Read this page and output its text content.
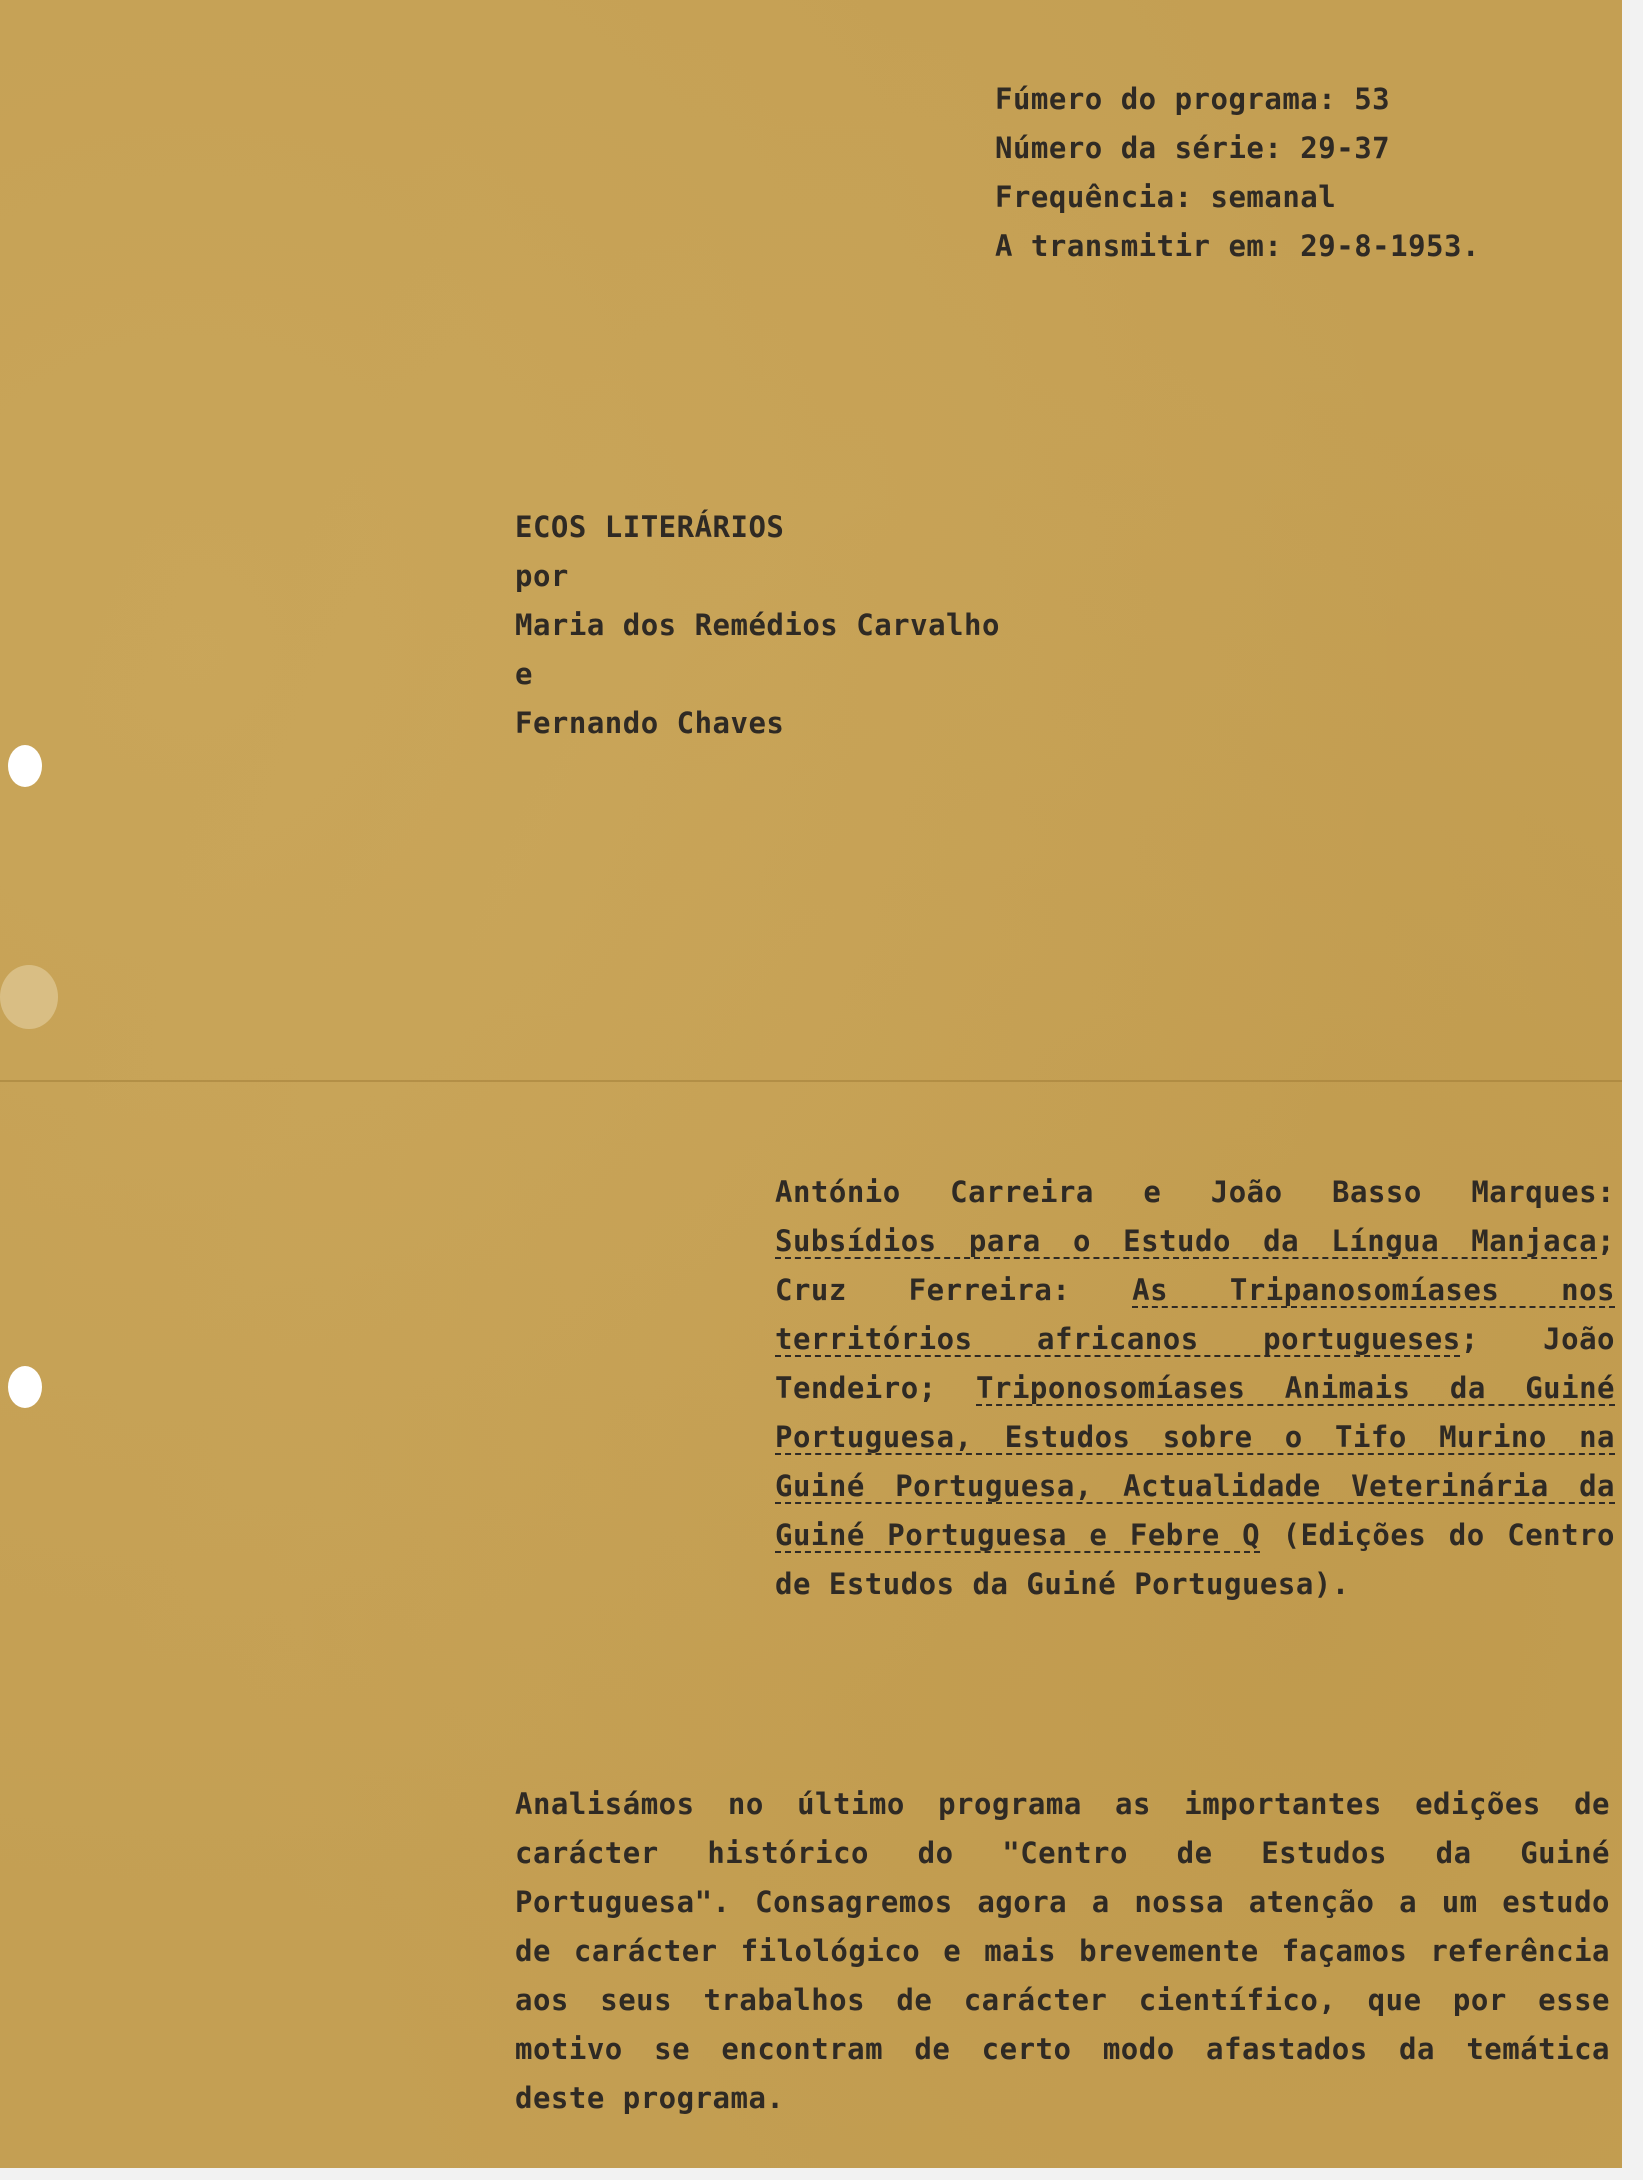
Fúmero do programa: 53
Número da série: 29-37
Frequência: semanal
A transmitir em: 29-8-1953.
ECOS LITERÁRIOS
por
Maria dos Remédios Carvalho
e
Fernando Chaves

António Carreira e João Basso Marques: Subsídios para o Estudo da Língua Manjaca; Cruz Ferreira: As Tripanosomíases nos territórios africanos portugueses; João Tendeiro; Triponosomíases Animais da Guiné Portuguesa, Estudos sobre o Tifo Murino na Guiné Portuguesa, Actualidade Veterinária da Guiné Portuguesa e Febre Q (Edições do Centro de Estudos da Guiné Portuguesa).

Analisámos no último programa as importantes edições de carácter histórico do "Centro de Estudos da Guiné Portuguesa". Consagremos agora a nossa atenção a um estudo de carácter filológico e mais brevemente façamos referência aos seus trabalhos de carácter científico, que por esse motivo se encontram de certo modo afastados da temática deste programa.
